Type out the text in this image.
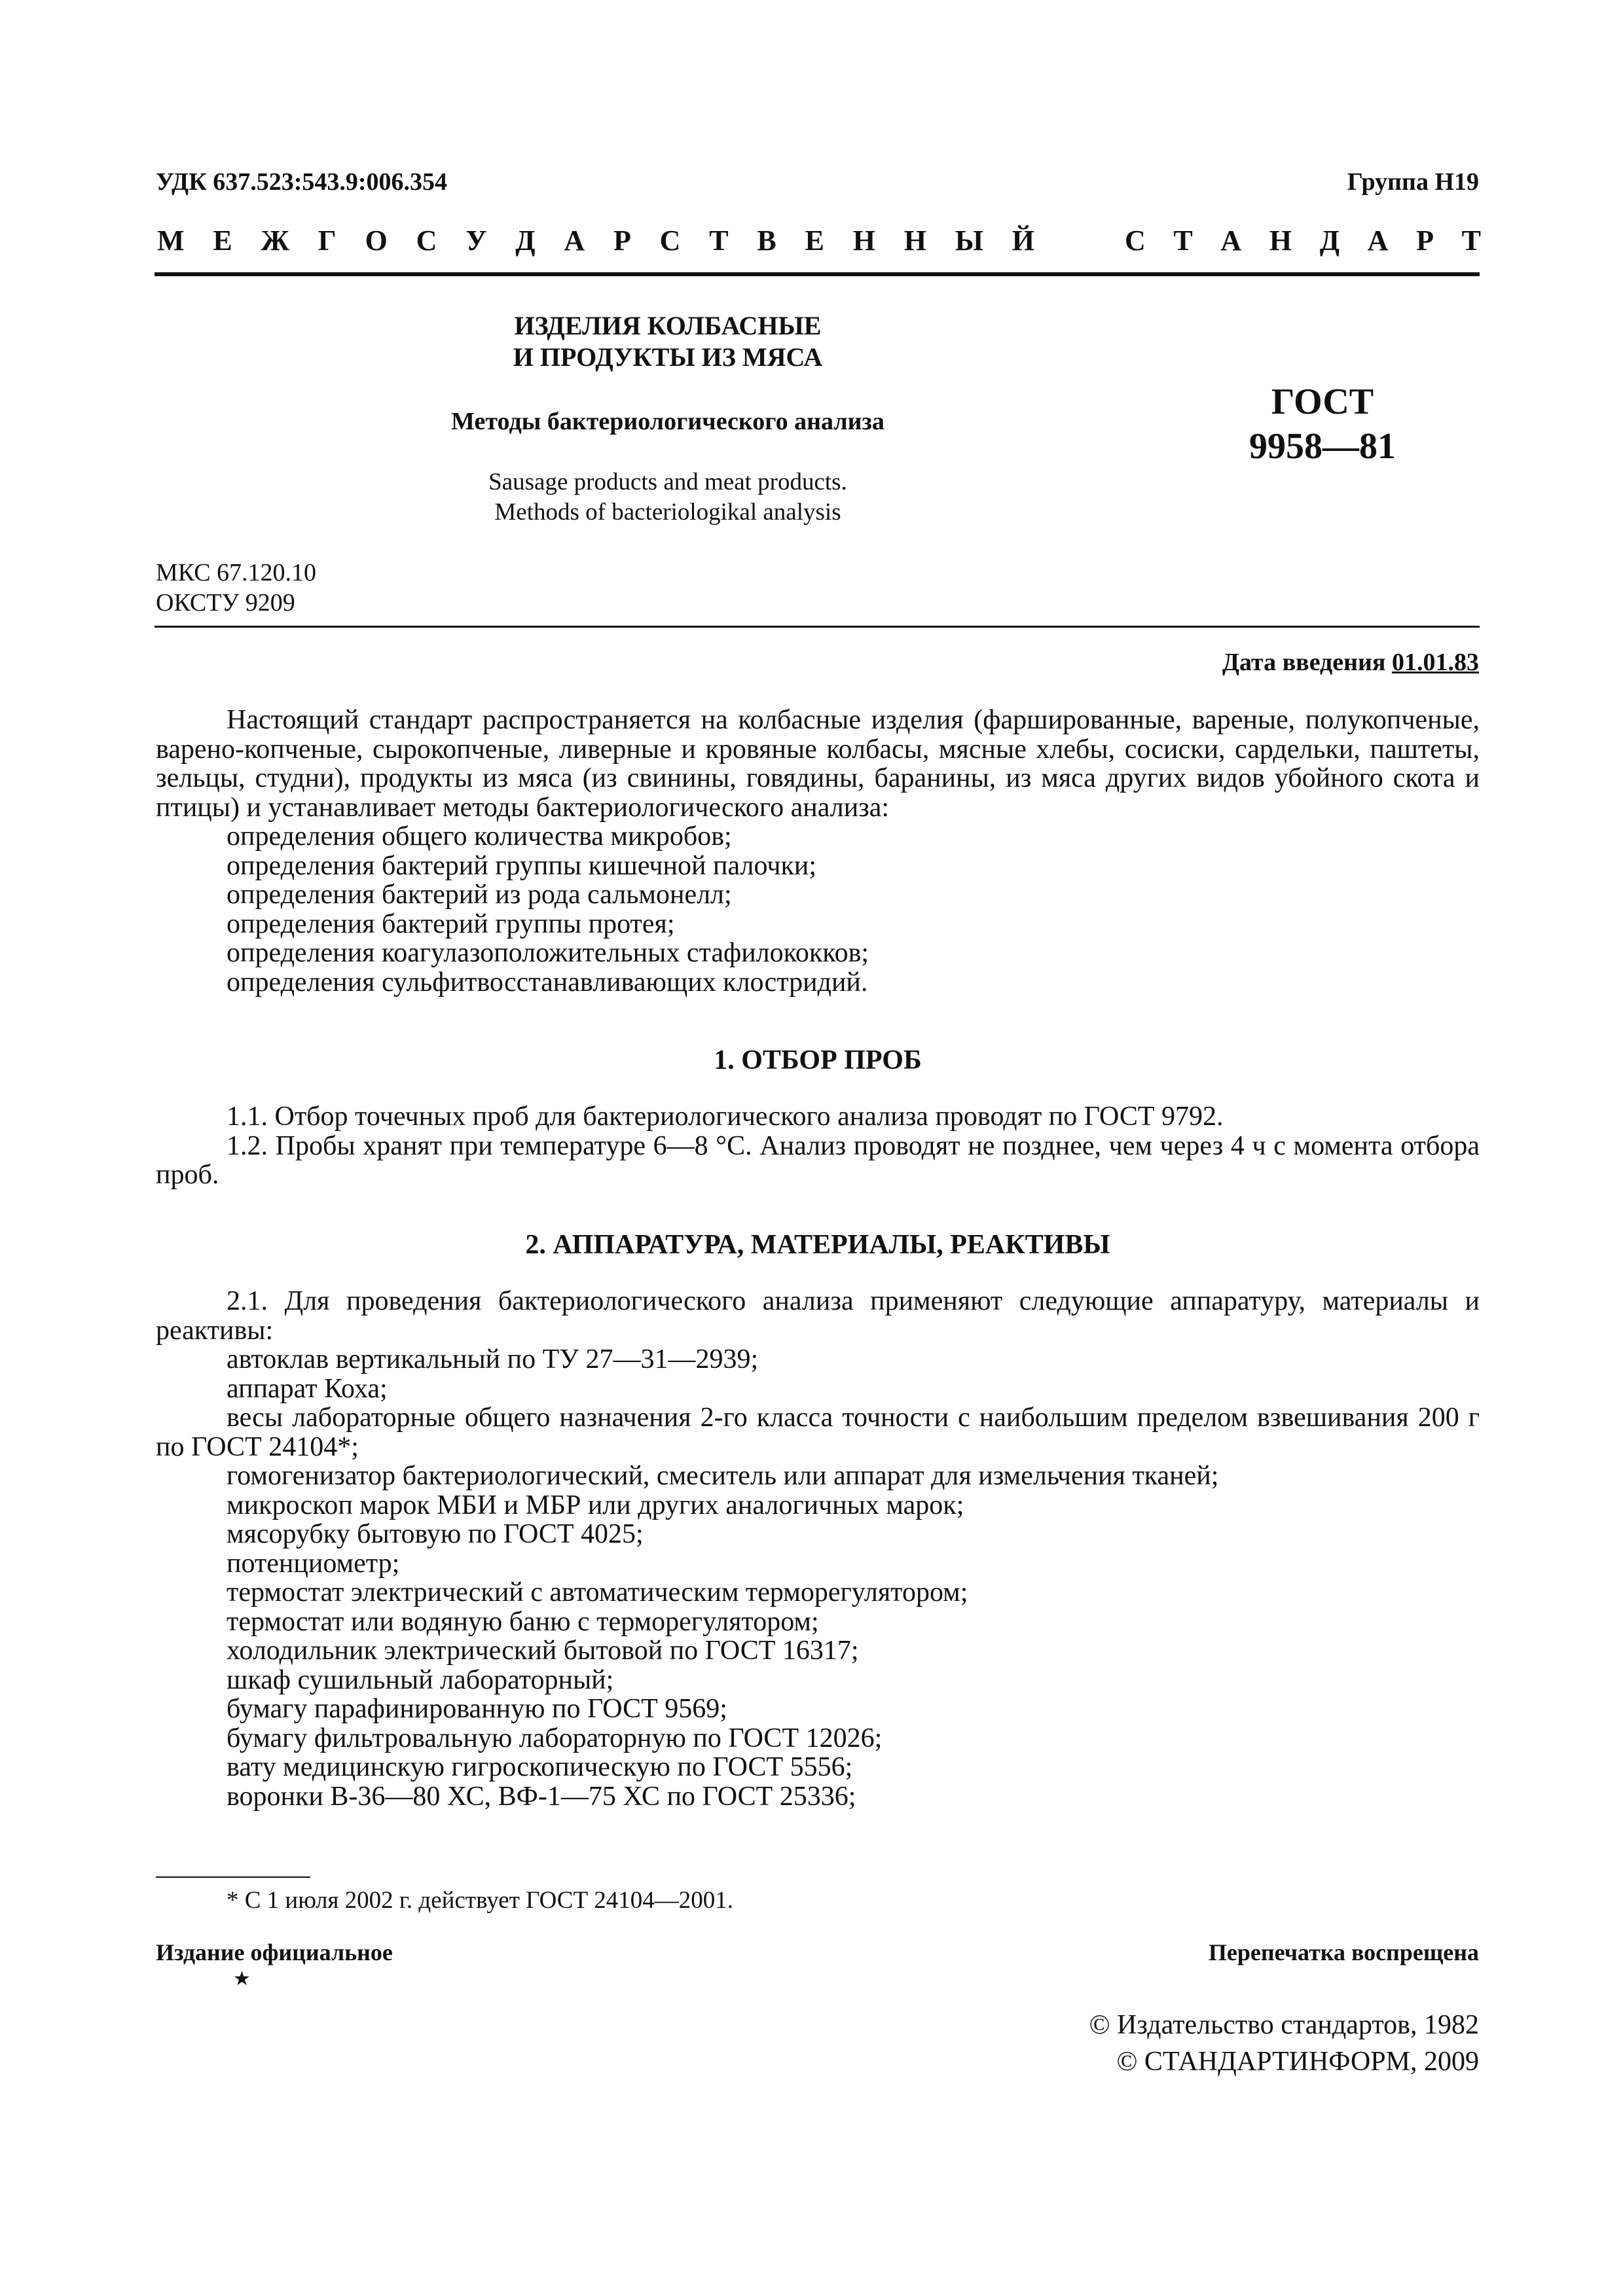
УДК 637.523:543.9:006.354	Группа Н19
М Е Ж Г О С У Д А Р С Т В Е Н Н Ы Й	С Т А Н Д А Р Т
ИЗДЕЛИЯ КОЛБАСНЫЕ
И ПРОДУКТЫ ИЗ МЯСА
Методы бактериологического анализа
Sausage products and meat products.
Methods of bacteriologikal analysis
ГОСТ
9958—81
МКС 67.120.10
ОКСТУ 9209
Дата введения 01.01.83

Настоящий стандарт распространяется на колбасные изделия (фаршированные, вареные, полукопченые, варено-копченые, сырокопченые, ливерные и кровяные колбасы, мясные хлебы, сосиски, сардельки, паштеты, зельцы, студни), продукты из мяса (из свинины, говядины, баранины, из мяса других видов убойного скота и птицы) и устанавливает методы бактериологического анализа:

определения общего количества микробов;
определения бактерий группы кишечной палочки;
определения бактерий из рода сальмонелл;
определения бактерий группы протея;
определения коагулазоположительных стафилококков;
определения сульфитвосстанавливающих клостридий.
1. ОТБОР ПРОБ

1.1. Отбор точечных проб для бактериологического анализа проводят по ГОСТ 9792.

1.2. Пробы хранят при температуре 6—8 °С. Анализ проводят не позднее, чем через 4 ч с момента отбора проб.

2. АППАРАТУРА, МАТЕРИАЛЫ, РЕАКТИВЫ

2.1. Для проведения бактериологического анализа применяют следующие аппаратуру, материалы и реактивы:

автоклав вертикальный по ТУ 27—31—2939;
аппарат Коха;
весы лабораторные общего назначения 2-го класса точности с наибольшим пределом взвешивания 200 г по ГОСТ 24104*;
гомогенизатор бактериологический, смеситель или аппарат для измельчения тканей;
микроскоп марок МБИ и МБР или других аналогичных марок;
мясорубку бытовую по ГОСТ 4025;
потенциометр;
термостат электрический с автоматическим терморегулятором;
термостат или водяную баню с терморегулятором;
холодильник электрический бытовой по ГОСТ 16317;
шкаф сушильный лабораторный;
бумагу парафинированную по ГОСТ 9569;
бумагу фильтровальную лабораторную по ГОСТ 12026;
вату медицинскую гигроскопическую по ГОСТ 5556;
воронки В-36—80 ХС, ВФ-1—75 ХС по ГОСТ 25336;
* С 1 июля 2002 г. действует ГОСТ 24104—2001.
Издание официальное
★
Перепечатка воспрещена
© Издательство стандартов, 1982
© СТАНДАРТИНФОРМ, 2009
